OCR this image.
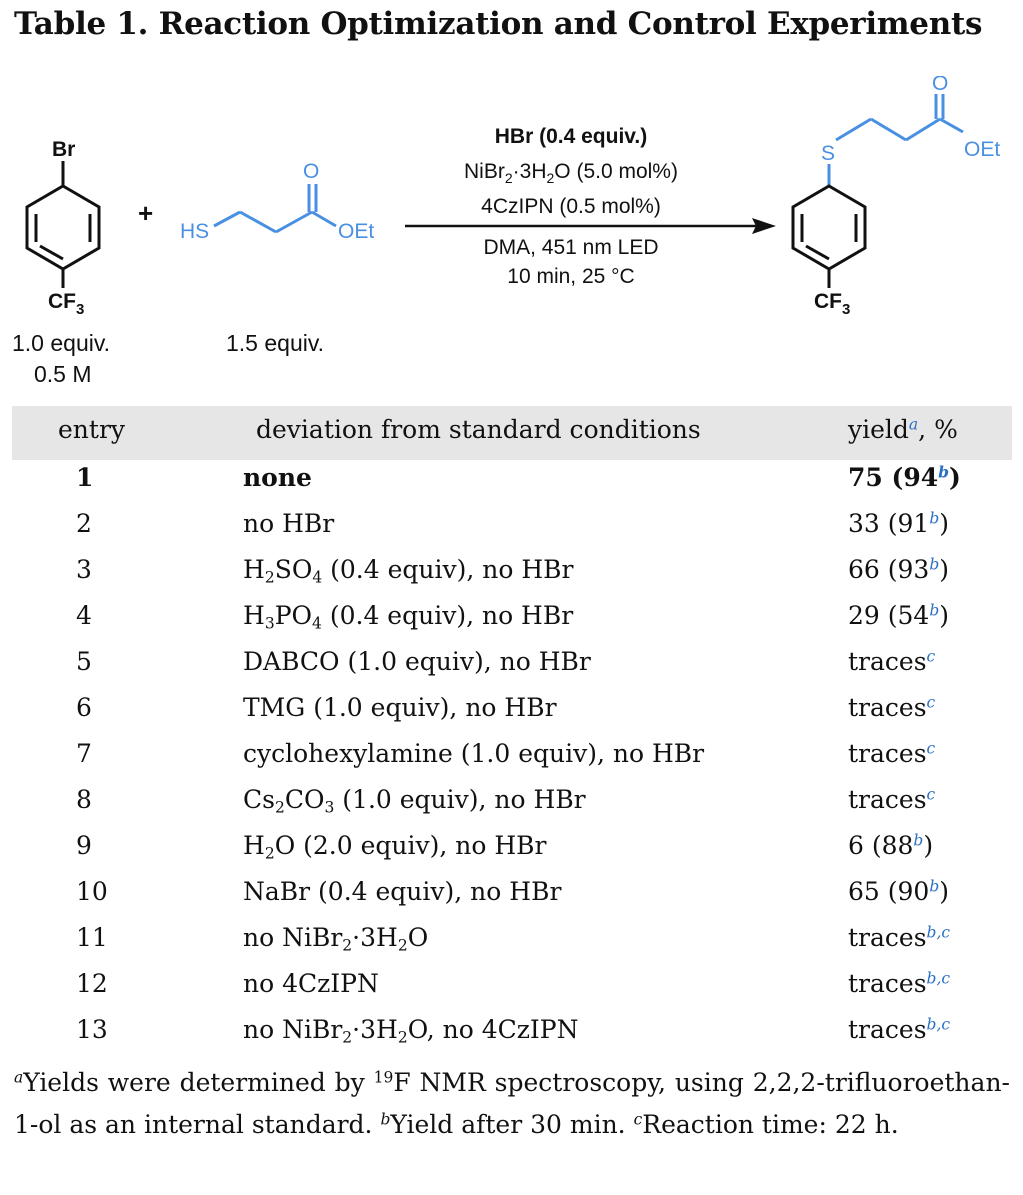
Table 1. Reaction Optimization and Control Experiments
Br
$CF_3$
1.0 equiv.
0.5 M
+
HS
O
OEt
1.5 equiv.
HBr (0.4 equiv.)
$NiBr_2\cdot 3H_2O$ (5.0 mol%)
4CzIPN (0.5 mol%)
DMA, 451 nm LED
10 min, 25 °C
S
O
OEt
$CF_3$
entry	deviation from standard conditions	yield$^a$, %
1	none	75 (94$^b$)
2	no HBr	33 (91$^b$)
3	$H_2SO_4$ (0.4 equiv), no HBr	66 (93$^b$)
4	$H_3PO_4$ (0.4 equiv), no HBr	29 (54$^b$)
5	DABCO (1.0 equiv), no HBr	traces$^c$
6	TMG (1.0 equiv), no HBr	traces$^c$
7	cyclohexylamine (1.0 equiv), no HBr	traces$^c$
8	$Cs_2CO_3$ (1.0 equiv), no HBr	traces$^c$
9	$H_2O$ (2.0 equiv), no HBr	6 (88$^b$)
10	NaBr (0.4 equiv), no HBr	65 (90$^b$)
11	no $NiBr_2\cdot 3H_2O$	traces$^{b,c}$
12	no 4CzIPN	traces$^{b,c}$
13	no $NiBr_2\cdot 3H_2O$, no 4CzIPN	traces$^{b,c}$
$^a$Yields were determined by $^{19}$F NMR spectroscopy, using 2,2,2-trifluoroethan-1-ol as an internal standard. $^b$Yield after 30 min. $^c$Reaction time: 22 h.
